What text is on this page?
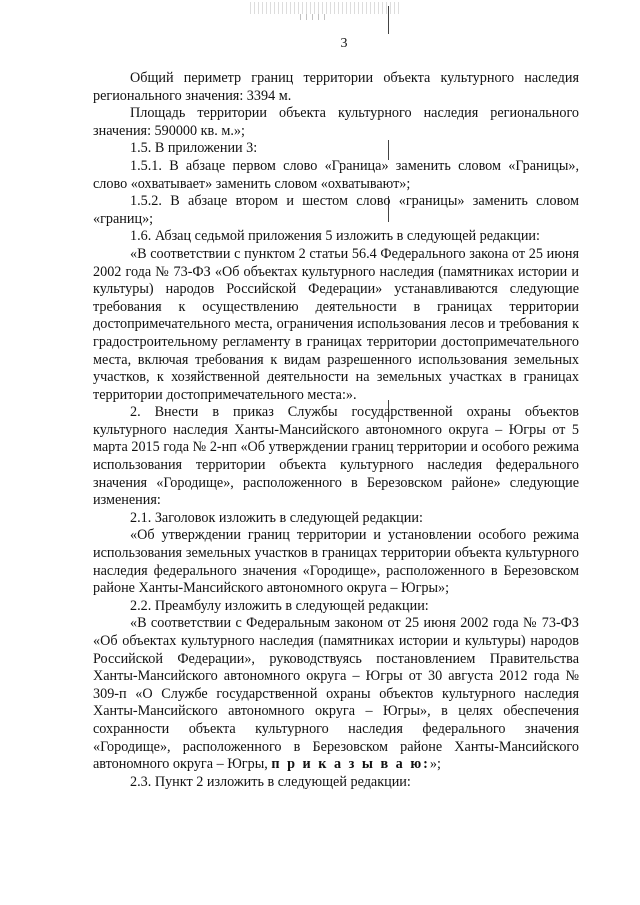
3

Общий периметр границ территории объекта культурного наследия регионального значения: 3394 м.

Площадь территории объекта культурного наследия регионального значения: 590000 кв. м.»;

1.5. В приложении 3:

1.5.1. В абзаце первом слово «Граница» заменить словом «Границы», слово «охватывает» заменить словом «охватывают»;

1.5.2. В абзаце втором и шестом слово «границы» заменить словом «границ»;

1.6. Абзац седьмой приложения 5 изложить в следующей редакции:

«В соответствии с пунктом 2 статьи 56.4 Федерального закона от 25 июня 2002 года № 73-ФЗ «Об объектах культурного наследия (памятниках истории и культуры) народов Российской Федерации» устанавливаются следующие требования к осуществлению деятельности в границах территории достопримечательного места, ограничения использования лесов и требования к градостроительному регламенту в границах территории достопримечательного места, включая требования к видам разрешенного использования земельных участков, к хозяйственной деятельности на земельных участках в границах территории достопримечательного места:».

2. Внести в приказ Службы государственной охраны объектов культурного наследия Ханты-Мансийского автономного округа – Югры от 5 марта 2015 года № 2-нп «Об утверждении границ территории и особого режима использования территории объекта культурного наследия федерального значения «Городище», расположенного в Березовском районе» следующие изменения:

2.1. Заголовок изложить в следующей редакции:

«Об утверждении границ территории и установлении особого режима использования земельных участков в границах территории объекта культурного наследия федерального значения «Городище», расположенного в Березовском районе Ханты-Мансийского автономного округа – Югры»;

2.2. Преамбулу изложить в следующей редакции:

«В соответствии с Федеральным законом от 25 июня 2002 года № 73-ФЗ «Об объектах культурного наследия (памятниках истории и культуры) народов Российской Федерации», руководствуясь постановлением Правительства Ханты-Мансийского автономного округа – Югры от 30 августа 2012 года № 309-п «О Службе государственной охраны объектов культурного наследия Ханты-Мансийского автономного округа – Югры», в целях обеспечения сохранности объекта культурного наследия федерального значения «Городище», расположенного в Березовском районе Ханты-Мансийского автономного округа – Югры, п р и к а з ы в а ю:»;

2.3. Пункт 2 изложить в следующей редакции:
